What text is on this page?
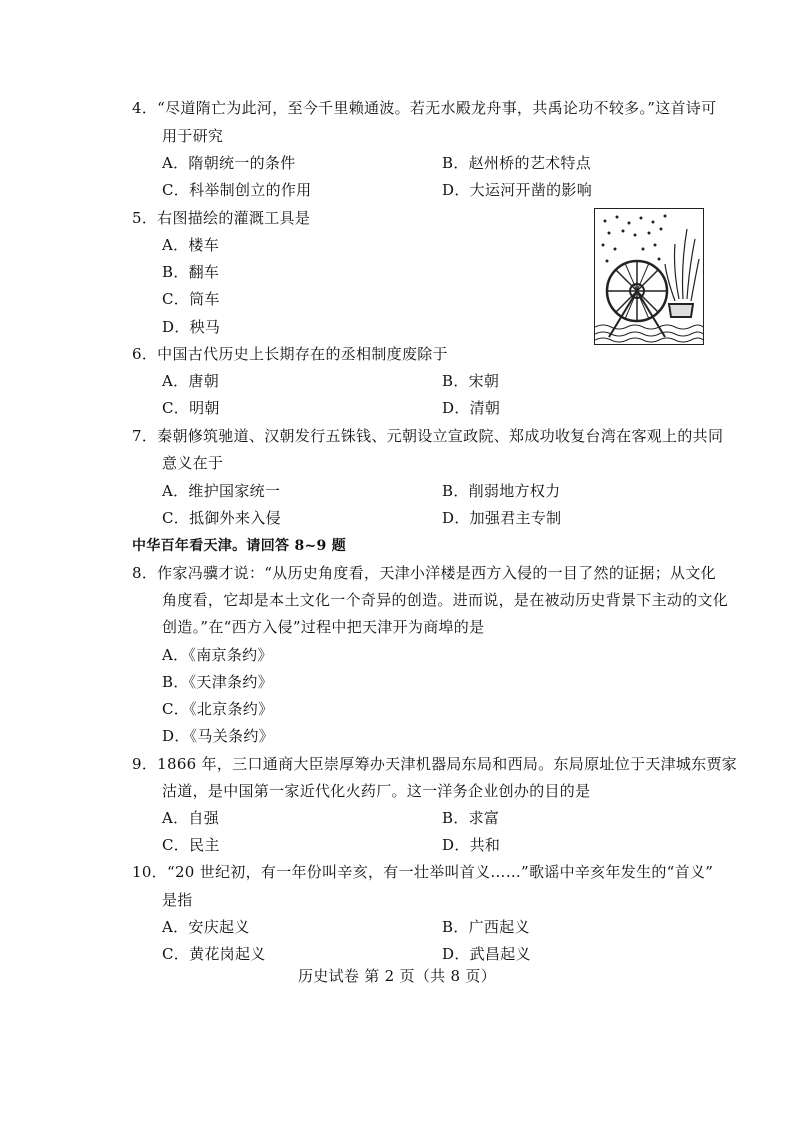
4．“尽道隋亡为此河，至今千里赖通波。若无水殿龙舟事，共禹论功不较多。”这首诗可
用于研究
A．隋朝统一的条件	B．赵州桥的艺术特点
C．科举制创立的作用	D．大运河开凿的影响
5．右图描绘的灌溉工具是
A．楼车
B．翻车
C．筒车
D．秧马
6．中国古代历史上长期存在的丞相制度废除于
A．唐朝	B．宋朝
C．明朝	D．清朝
7．秦朝修筑驰道、汉朝发行五铢钱、元朝设立宣政院、郑成功收复台湾在客观上的共同
意义在于
A．维护国家统一	B．削弱地方权力
C．抵御外来入侵	D．加强君主专制
中华百年看天津。请回答 8~9 题
8．作家冯骥才说：“从历史角度看，天津小洋楼是西方入侵的一目了然的证据；从文化
角度看，它却是本土文化一个奇异的创造。进而说，是在被动历史背景下主动的文化
创造。”在“西方入侵”过程中把天津开为商埠的是
A．《南京条约》
B．《天津条约》
C．《北京条约》
D．《马关条约》
9．1866 年，三口通商大臣崇厚筹办天津机器局东局和西局。东局原址位于天津城东贾家
沽道，是中国第一家近代化火药厂。这一洋务企业创办的目的是
A．自强	B．求富
C．民主	D．共和
10．“20 世纪初，有一年份叫辛亥，有一壮举叫首义……”歌谣中辛亥年发生的“首义”
是指
A．安庆起义	B．广西起义
C．黄花岗起义	D．武昌起义
历史试卷 第 2 页（共 8 页）
